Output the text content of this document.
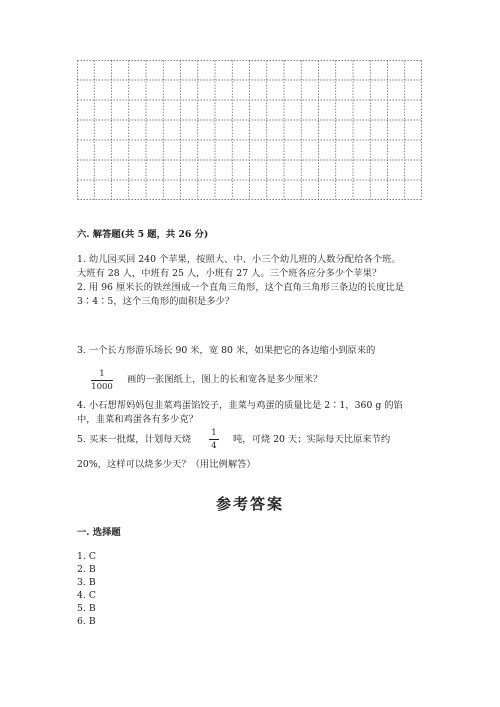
六. 解答题(共 5 题，共 26 分)
1. 幼儿园买回 240 个苹果，按照大、中、小三个幼儿班的人数分配给各个班。
大班有 28 人，中班有 25 人，小班有 27 人。三个班各应分多少个苹果？
2. 用 96 厘米长的铁丝围成一个直角三角形，这个直角三角形三条边的长度比是
3∶4∶5，这个三角形的面积是多少？
3. 一个长方形游乐场长 90 米，宽 80 米，如果把它的各边缩小到原来的
1
1000
画的一张图纸上，图上的长和宽各是多少厘米？
4. 小石想帮妈妈包韭菜鸡蛋馅饺子，韭菜与鸡蛋的质量比是 2∶1，360 g 的馅
中，韭菜和鸡蛋各有多少克？
5. 买来一批煤，计划每天烧
1
4
吨，可烧 20 天；实际每天比原来节约
20%，这样可以烧多少天？（用比例解答）
参考答案
一. 选择题
1. C
2. B
3. B
4. C
5. B
6. B
